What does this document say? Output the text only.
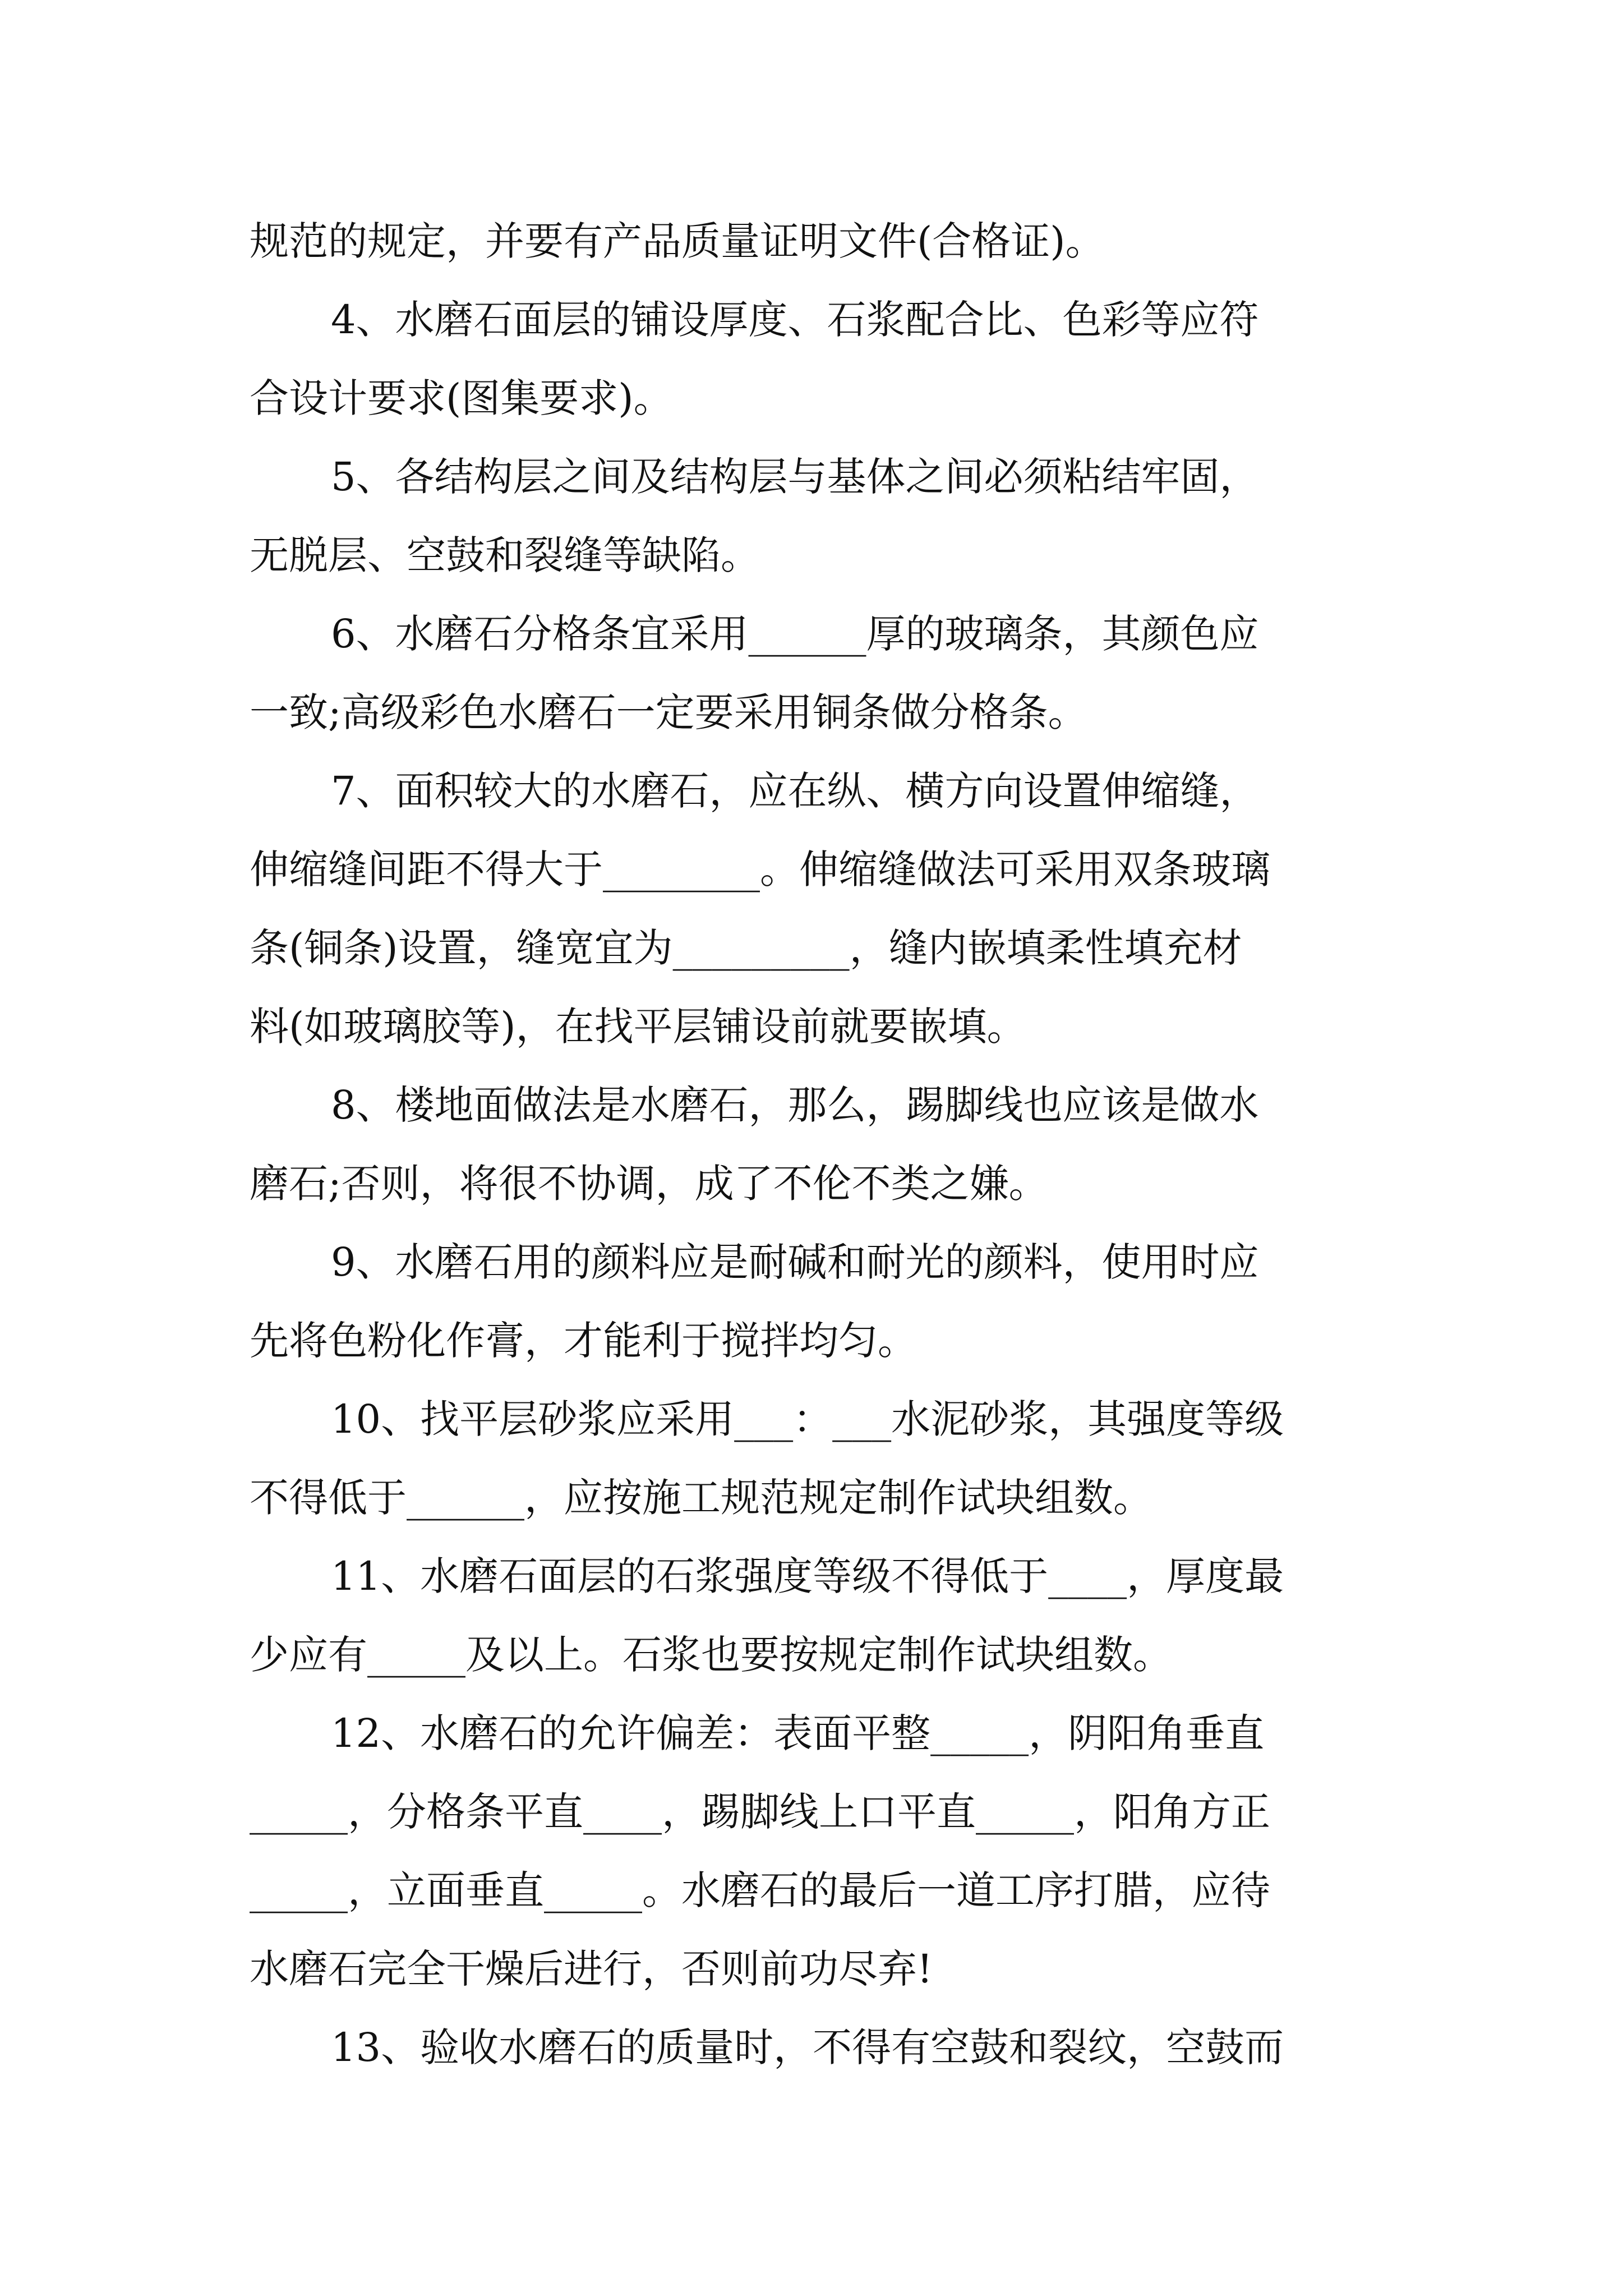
规范的规定，并要有产品质量证明文件(合格证)。
4、水磨石面层的铺设厚度、石浆配合比、色彩等应符
合设计要求(图集要求)。
5、各结构层之间及结构层与基体之间必须粘结牢固，
无脱层、空鼓和裂缝等缺陷。
6、水磨石分格条宜采用______厚的玻璃条，其颜色应
一致;高级彩色水磨石一定要采用铜条做分格条。
7、面积较大的水磨石，应在纵、横方向设置伸缩缝，
伸缩缝间距不得大于________。伸缩缝做法可采用双条玻璃
条(铜条)设置，缝宽宜为_________，缝内嵌填柔性填充材
料(如玻璃胶等)，在找平层铺设前就要嵌填。
8、楼地面做法是水磨石，那么，踢脚线也应该是做水
磨石;否则，将很不协调，成了不伦不类之嫌。
9、水磨石用的颜料应是耐碱和耐光的颜料，使用时应
先将色粉化作膏，才能利于搅拌均匀。
10、找平层砂浆应采用___：___水泥砂浆，其强度等级
不得低于______，应按施工规范规定制作试块组数。
11、水磨石面层的石浆强度等级不得低于____，厚度最
少应有_____及以上。石浆也要按规定制作试块组数。
12、水磨石的允许偏差：表面平整_____，阴阳角垂直
_____，分格条平直____，踢脚线上口平直_____，阳角方正
_____，立面垂直_____。水磨石的最后一道工序打腊，应待
水磨石完全干燥后进行，否则前功尽弃!
13、验收水磨石的质量时，不得有空鼓和裂纹，空鼓而
